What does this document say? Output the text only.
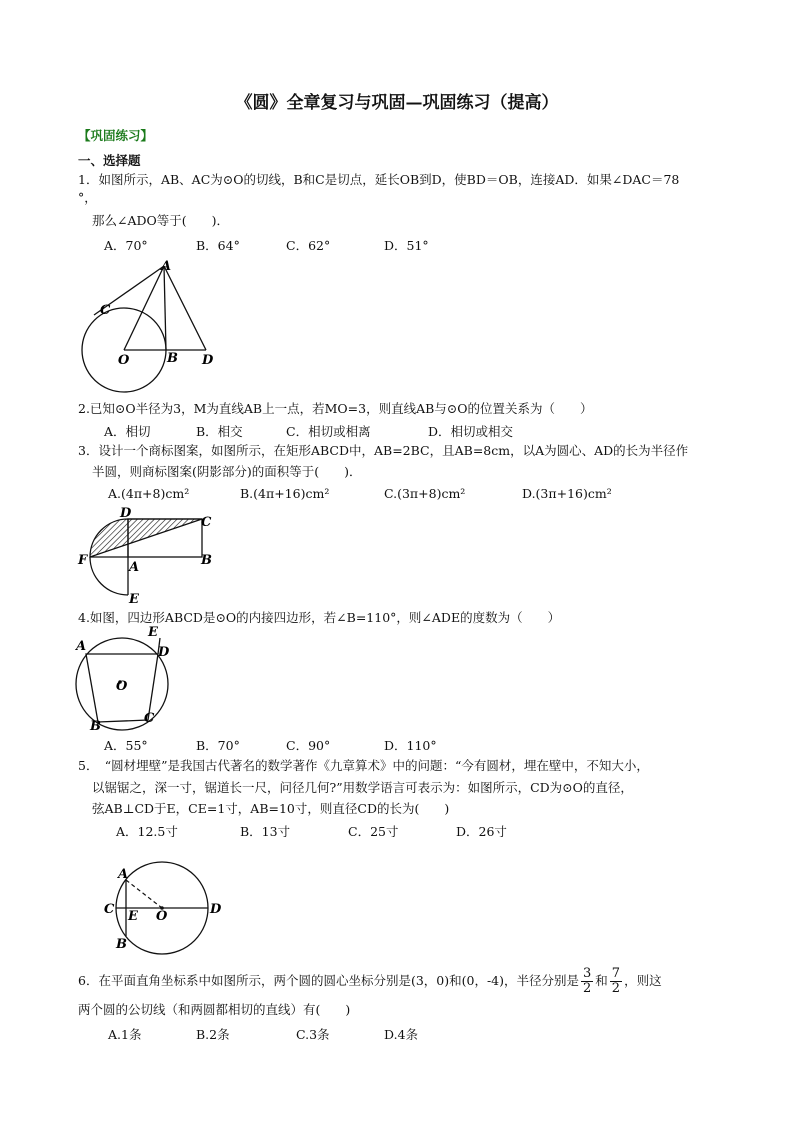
《圆》全章复习与巩固—巩固练习（提高）
【巩固练习】
一、选择题
1．如图所示，AB、AC为⊙O的切线，B和C是切点，延长OB到D，使BD＝OB，连接AD．如果∠DAC＝78
°，
那么∠ADO等于(　　)．
A．70°	B．64°	C．62°	D．51°
A
C
O	B D
2.已知⊙O半径为3，M为直线AB上一点，若MO=3，则直线AB与⊙O的位置关系为（　　）
A．相切	B．相交	C．相切或相离	D．相切或相交
3．设计一个商标图案，如图所示，在矩形ABCD中，AB=2BC，且AB=8cm，以A为圆心、AD的长为半径作
半圆，则商标图案(阴影部分)的面积等于(　　)．
A.(4π+8)cm²	B.(4π+16)cm²	C.(3π+8)cm²	D.(3π+16)cm²
D
C
F	A	B
E
4.如图，四边形ABCD是⊙O的内接四边形，若∠B=110°，则∠ADE的度数为（　　）
A
E
D
O
B
C
A．55°	B．70°	C．90°	D．110°
5．　“圆材埋壁”是我国古代著名的数学著作《九章算术》中的问题：“今有圆材，埋在壁中，不知大小，
以锯锯之，深一寸，锯道长一尺，问径几何?”用数学语言可表示为：如图所示，CD为⊙O的直径，
弦AB⊥CD于E，CE=1寸，AB=10寸，则直径CD的长为(　　)
A．12.5寸	B．13寸	C．25寸	D．26寸
A
C E O	D
B
6．在平面直角坐标系中如图所示，两个圆的圆心坐标分别是(3，0)和(0，-4)，半径分别是 $\frac{3}{2}$ 和 $\frac{7}{2}$ ，则这
两个圆的公切线（和两圆都相切的直线）有(　　)
A.1条	B.2条	C.3条	D.4条
